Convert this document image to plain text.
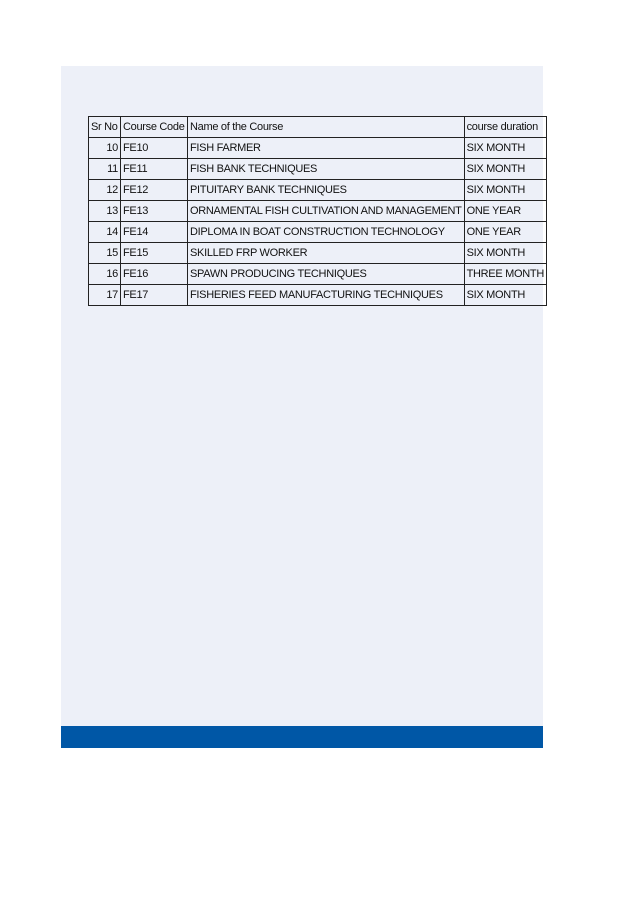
Sr No	Course Code	Name of the Course	course duration
10	FE10	FISH FARMER	SIX MONTH
11	FE11	FISH BANK TECHNIQUES	SIX MONTH
12	FE12	PITUITARY BANK TECHNIQUES	SIX MONTH
13	FE13	ORNAMENTAL FISH CULTIVATION AND MANAGEMENT	ONE YEAR
14	FE14	DIPLOMA IN BOAT CONSTRUCTION TECHNOLOGY	ONE YEAR
15	FE15	SKILLED FRP WORKER	SIX MONTH
16	FE16	SPAWN PRODUCING TECHNIQUES	THREE MONTH
17	FE17	FISHERIES FEED MANUFACTURING TECHNIQUES	SIX MONTH
